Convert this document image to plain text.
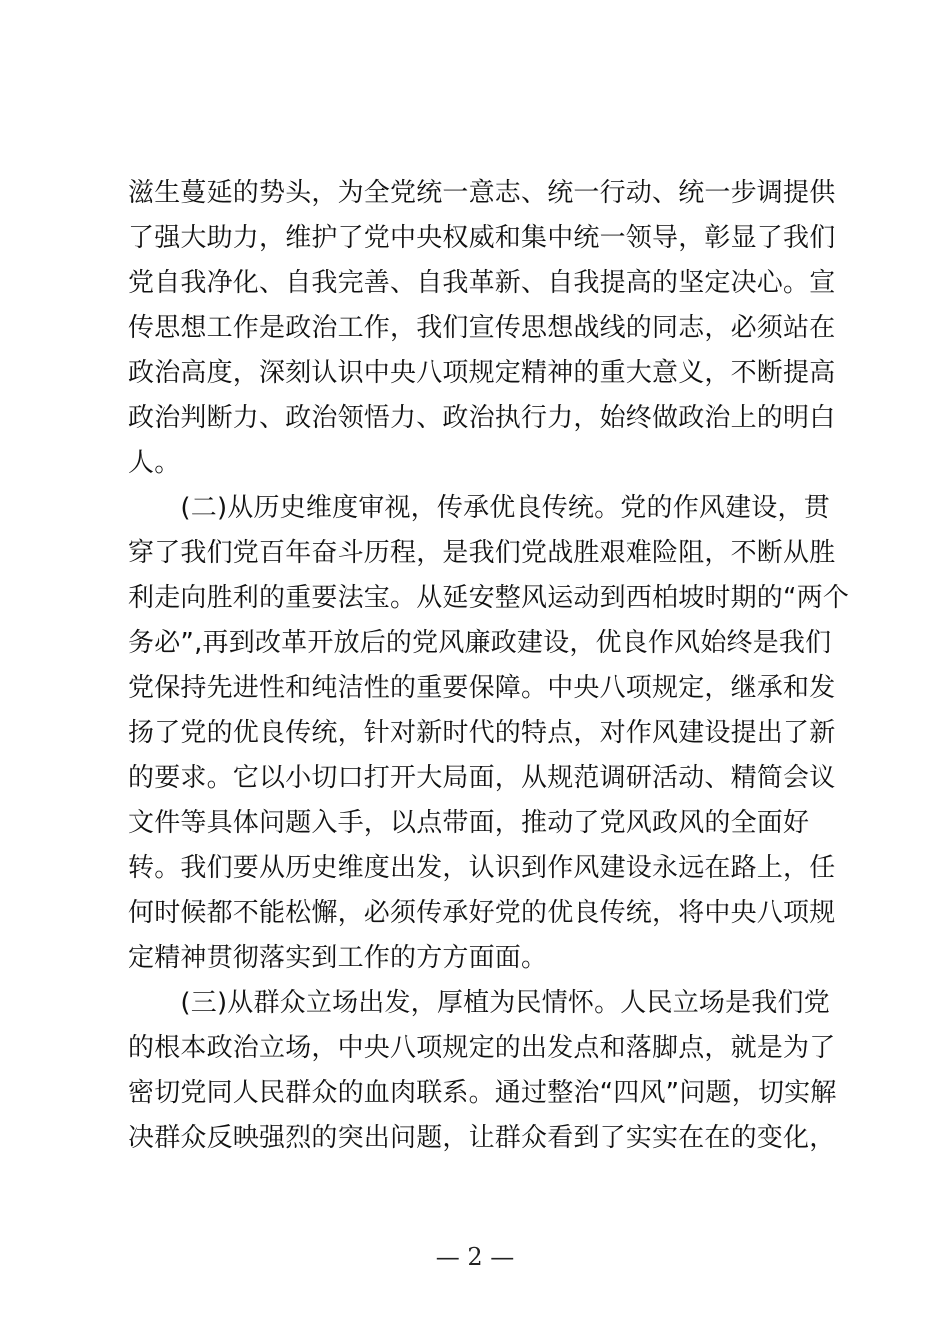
滋生蔓延的势头，为全党统一意志、统一行动、统一步调提供
了强大助力，维护了党中央权威和集中统一领导，彰显了我们
党自我净化、自我完善、自我革新、自我提高的坚定决心。宣
传思想工作是政治工作，我们宣传思想战线的同志，必须站在
政治高度，深刻认识中央八项规定精神的重大意义，不断提高
政治判断力、政治领悟力、政治执行力，始终做政治上的明白
人。
　　(二)从历史维度审视，传承优良传统。党的作风建设，贯
穿了我们党百年奋斗历程，是我们党战胜艰难险阻，不断从胜
利走向胜利的重要法宝。从延安整风运动到西柏坡时期的“两个
务必”,再到改革开放后的党风廉政建设，优良作风始终是我们
党保持先进性和纯洁性的重要保障。中央八项规定，继承和发
扬了党的优良传统，针对新时代的特点，对作风建设提出了新
的要求。它以小切口打开大局面，从规范调研活动、精简会议
文件等具体问题入手，以点带面，推动了党风政风的全面好
转。我们要从历史维度出发，认识到作风建设永远在路上，任
何时候都不能松懈，必须传承好党的优良传统，将中央八项规
定精神贯彻落实到工作的方方面面。
　　(三)从群众立场出发，厚植为民情怀。人民立场是我们党
的根本政治立场，中央八项规定的出发点和落脚点，就是为了
密切党同人民群众的血肉联系。通过整治“四风”问题，切实解
决群众反映强烈的突出问题，让群众看到了实实在在的变化，
— 2 —
